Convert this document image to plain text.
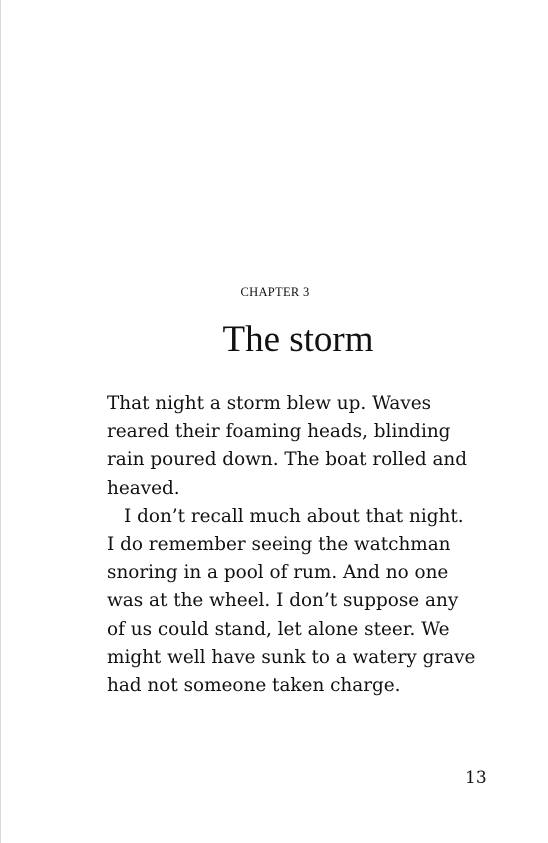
CHAPTER 3
The storm
That night a storm blew up. Waves
reared their foaming heads, blinding
rain poured down. The boat rolled and
heaved.
I don’t recall much about that night.
I do remember seeing the watchman
snoring in a pool of rum. And no one
was at the wheel. I don’t suppose any
of us could stand, let alone steer. We
might well have sunk to a watery grave
had not someone taken charge.
13
